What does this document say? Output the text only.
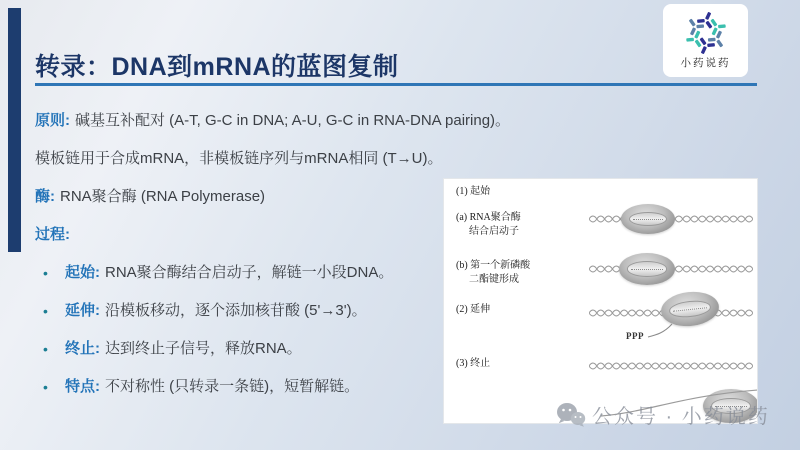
转录：DNA到mRNA的蓝图复制	小药说药
原则: 碱基互补配对 (A-T, G-C in DNA; A-U, G-C in RNA-DNA pairing)。
模板链用于合成mRNA，非模板链序列与mRNA相同 (T→U)。
酶: RNA聚合酶 (RNA Polymerase)
过程:
•	起始: RNA聚合酶结合启动子，解链一小段DNA。
•	延伸: 沿模板移动，逐个添加核苷酸 (5'→3')。
•	终止: 达到终止子信号，释放RNA。
•	特点: 不对称性 (只转录一条链)，短暂解链。
(1) 起始
(a) RNA聚合酶
结合启动子
(b) 第一个新磷酸
二酯键形成
(2) 延伸
(3) 终止
PPP
公众号 · 小药说药
